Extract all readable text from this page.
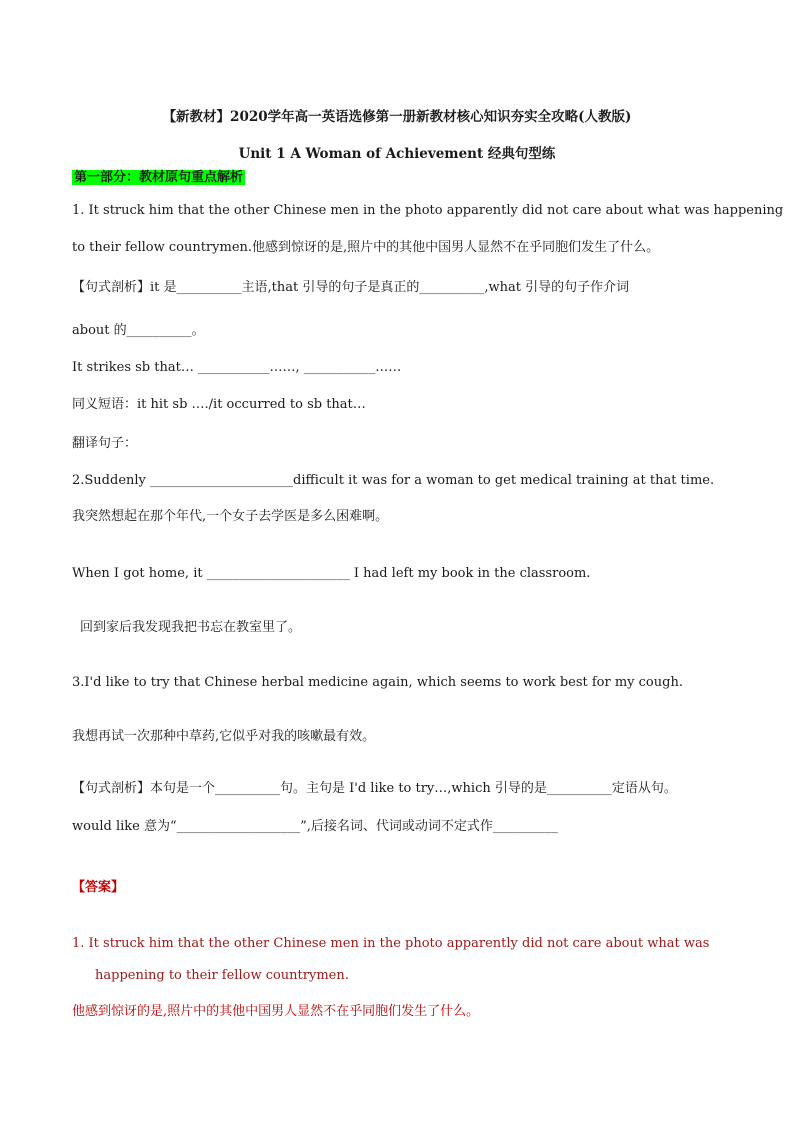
【新教材】2020学年高一英语选修第一册新教材核心知识夯实全攻略(人教版)
Unit 1 A Woman of Achievement 经典句型练
第一部分：教材原句重点解析
1. It struck him that the other Chinese men in the photo apparently did not care about what was happening
to their fellow countrymen.他感到惊讶的是,照片中的其他中国男人显然不在乎同胞们发生了什么。
【句式剖析】it 是__________主语,that 引导的句子是真正的__________,what 引导的句子作介词
about 的__________。
It strikes sb that… ___________……, ___________……
同义短语：it hit sb …./it occurred to sb that…
翻译句子：
2.Suddenly ______________________difficult it was for a woman to get medical training at that time.
我突然想起在那个年代,一个女子去学医是多么困难啊。
When I got home, it ______________________ I had left my book in the classroom.
回到家后我发现我把书忘在教室里了。
3.I'd like to try that Chinese herbal medicine again, which seems to work best for my cough.
我想再试一次那种中草药,它似乎对我的咳嗽最有效。
【句式剖析】本句是一个__________句。主句是 I'd like to try…,which 引导的是__________定语从句。
would like 意为“___________________”,后接名词、代词或动词不定式作__________
【答案】
1. It struck him that the other Chinese men in the photo apparently did not care about what was
happening to their fellow countrymen.
他感到惊讶的是,照片中的其他中国男人显然不在乎同胞们发生了什么。
